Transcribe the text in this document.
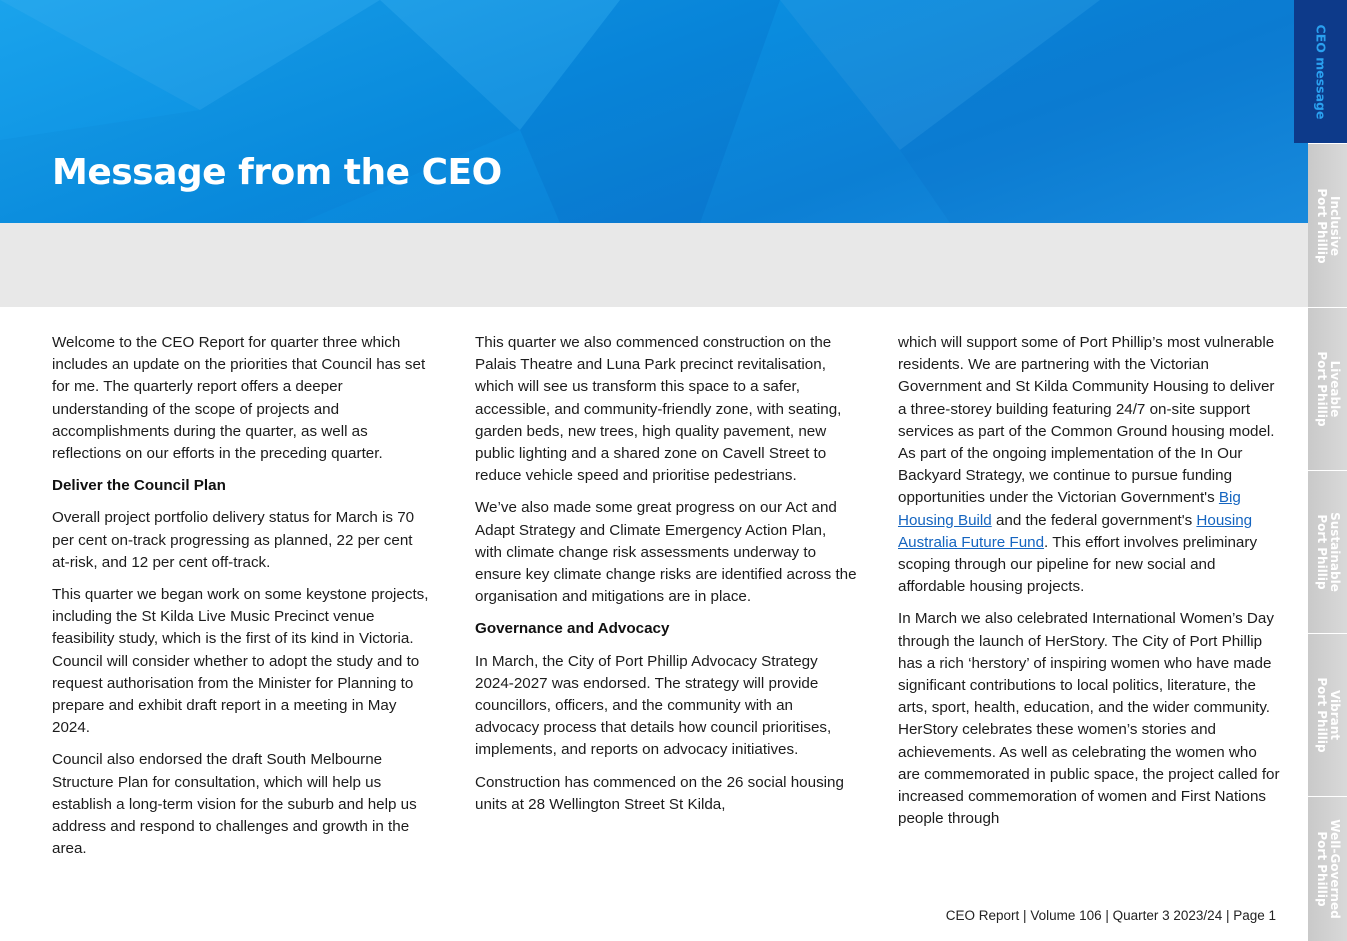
Message from the CEO

Welcome to the CEO Report for quarter three which includes an update on the priorities that Council has set for me. The quarterly report offers a deeper understanding of the scope of projects and accomplishments during the quarter, as well as reflections on our efforts in the preceding quarter.

Deliver the Council Plan

Overall project portfolio delivery status for March is 70 per cent on-track progressing as planned, 22 per cent at-risk, and 12 per cent off-track.

This quarter we began work on some keystone projects, including the St Kilda Live Music Precinct venue feasibility study, which is the first of its kind in Victoria. Council will consider whether to adopt the study and to request authorisation from the Minister for Planning to prepare and exhibit draft report in a meeting in May 2024.

Council also endorsed the draft South Melbourne Structure Plan for consultation, which will help us establish a long-term vision for the suburb and help us address and respond to challenges and growth in the area.

This quarter we also commenced construction on the Palais Theatre and Luna Park precinct revitalisation, which will see us transform this space to a safer, accessible, and community-friendly zone, with seating, garden beds, new trees, high quality pavement, new public lighting and a shared zone on Cavell Street to reduce vehicle speed and prioritise pedestrians.

We’ve also made some great progress on our Act and Adapt Strategy and Climate Emergency Action Plan, with climate change risk assessments underway to ensure key climate change risks are identified across the organisation and mitigations are in place.

Governance and Advocacy

In March, the City of Port Phillip Advocacy Strategy 2024-2027 was endorsed. The strategy will provide councillors, officers, and the community with an advocacy process that details how council prioritises, implements, and reports on advocacy initiatives.

Construction has commenced on the 26 social housing units at 28 Wellington Street St Kilda,

which will support some of Port Phillip’s most vulnerable residents. We are partnering with the Victorian Government and St Kilda Community Housing to deliver a three-storey building featuring 24/7 on-site support services as part of the Common Ground housing model. As part of the ongoing implementation of the In Our Backyard Strategy, we continue to pursue funding opportunities under the Victorian Government's Big Housing Build and the federal government's Housing Australia Future Fund. This effort involves preliminary scoping through our pipeline for new social and affordable housing projects.

In March we also celebrated International Women’s Day through the launch of HerStory. The City of Port Phillip has a rich ‘herstory’ of inspiring women who have made significant contributions to local politics, literature, the arts, sport, health, education, and the wider community. HerStory celebrates these women’s stories and achievements. As well as celebrating the women who are commemorated in public space, the project called for increased commemoration of women and First Nations people through

CEO Report | Volume 106 | Quarter 3 2023/24 | Page 1
CEO message
Inclusive
Port Phillip
Liveable
Port Phillip
Sustainable
Port Phillip
Vibrant
Port Phillip
Well-Governed
Port Phillip
